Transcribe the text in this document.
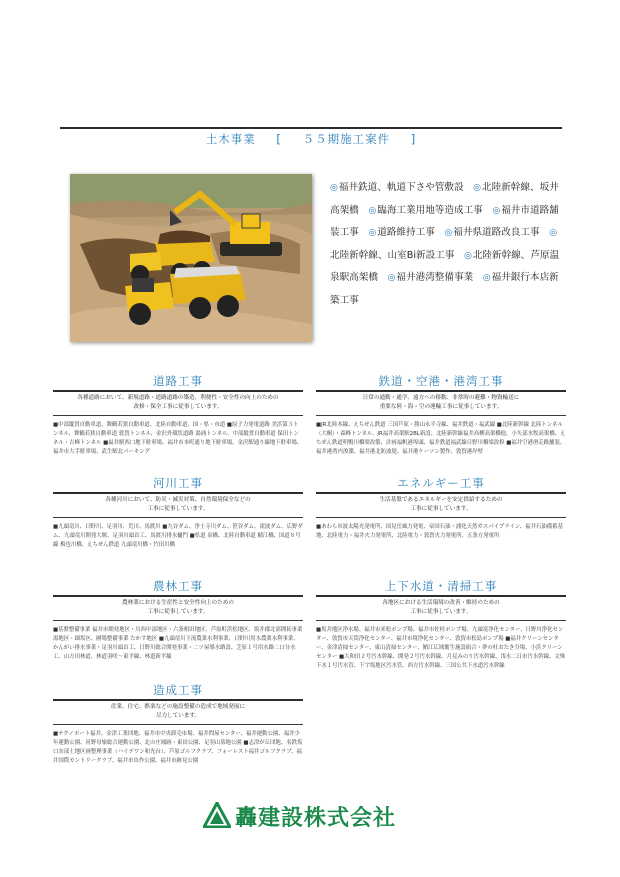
土木事業 [ ５５期施工案件 ]
◎福井鉄道、軌道下さや管敷設　 ◎北陸新幹線、坂井高架橋　 ◎臨海工業用地等造成工事　 ◎福井市道路舗装工事　 ◎道路維持工事　 ◎福井県道路改良工事　 ◎北陸新幹線、山室Bi新設工事　 ◎北陸新幹線、芦原温泉駅高架橋　 ◎福井港湾整備事業　 ◎福井銀行本店新築工事
道路工事
各種道路において、新規道路・道路道路の築造、利便性・安全性の向上のための
改修・保全工事に従事しています。
■中部縦貫自動車道、舞鶴若狭自動車道、北陸自動車道、国・県・市道 ■原子力発電道路 美浜第３トンネル、舞鶴若狭自動車道 敦賀トンネル、金沢外環状道路 湯涌トンネル、中部縦貫自動車道 保田トンネル・吉峰トンネル ■福井駅西口地下駐車場、福井市本町通り地下駐車場、金沢駅通り線地下駐車場、福井市大手駐車場、武生駅北パーキング
鉄道・空港・港湾工事
日常の通勤・通学、遠方への移動、非常時の避難・物資輸送に
重要な陸・海・空の運輸工事に従事しています。
■JR北陸本線、えちぜん鉄道 三国芦原・勝山永平寺線、福井鉄道・福武線 ■北陸新幹線 北陸トンネル（大桐）・森峰トンネル、JR福井高架駅2BL新設、北陸新幹線福井高柳高架橋他、小矢部水牧高架橋、えちぜん鉄道明鴨川橋梁改築、計画福帆港埠頭、福井鉄道福武線日野川橋梁改修 ■福井空港滑走路舗装、福井港湾内浚渫、福井港北防波堤、福井港ケーソン製作、敦賀港岸壁
河川工事
各種河川において、防災・減災対策、自然環境保全などの
工事に従事しています。
■九頭竜川、日野川、足羽川、荒川、馬渡川 ■九谷ダム、浄土寺川ダム、笹谷ダム、滝波ダム、広野ダム、九頭竜川開発大堰、足羽川頭首工、馬渡川排水樋門 ■県道 泉橋、北陸自動車道 鯖江橋、国道８号線 梅也川橋、えちぜん鉄道 九頭竜川橋・竹田川橋
エネルギー工事
生活基盤であるエネルギーを安定供給するための
工事に従事しています。
■あわら市波太陽光発電所、国見岳風力発電、帝国石油・浦化天然ガスパイプライン、福井石油備蓄基地、北陸電力・福井火力発電所、北陸電力・敦賀火力発電所、五条方発電所
農林工事
農林業における生産性と安全性向上のための
工事に従事しています。
■基盤整備事業 福井市開発地区・川西中部地区・六条相田地区、芦原町浜松地区、坂井郡北部開拓事業 湯地区・細坂区、圃場整備事業 たかす地区 ■九頭竜川下流農業水利事業、日野川用水農業水利事業、かんがい排水事業・足羽川頭首工、日野川総合開発事業・二ツ屋導水路設、芝原１号用水路二口分水工、山方田林道、林道羽咲〜東平線、林道新平線
上下水道・清掃工事
各地区における生活環境の改善・維持のための
工事に従事しています。
■坂井地区浄水場、福井市米松ポンプ場、福井市佐桂ポンプ場、九頭竜浄化センター、日野川浄化センター、敦賀市天筒浄化センター、福井市境浄化センター、敦賀市松島ポンプ場 ■福井クリーンセンター、金津清掃センター、東山清掃センター、鯖江広域衛生施設組合・夢の杜おたき分場、小浜クリーンセンター ■大和田２号汚水幹線、開発２号汚水幹線、月見みのり汚水幹線、浅水二日市汚水幹線、文殊下水１号汚水管、下宇坂地区汚水管、西方汚水幹線、三国公共下水道汚水幹線
造成工事
産業、住宅、娯楽などの施設整備の造成で地域発展に
尽力しています。
■テクノポート福井、金津工業団地、福井市中央卸売市場、福井問屋センター、福井運動公園、福井少年運動公園、河野母嶺総合運動公園、北の庄城跡・東田公園、足羽山墓地公園 ■志津が丘団地、名鉄坂口奈部土地区画整理事業（ハイデワン和光台）、芦原ゴルフクラブ、フォーレスト福井ゴルフクラブ、福井国際カントリークラブ、福井市出作公園、福井市跡見公園
轟建設株式会社
